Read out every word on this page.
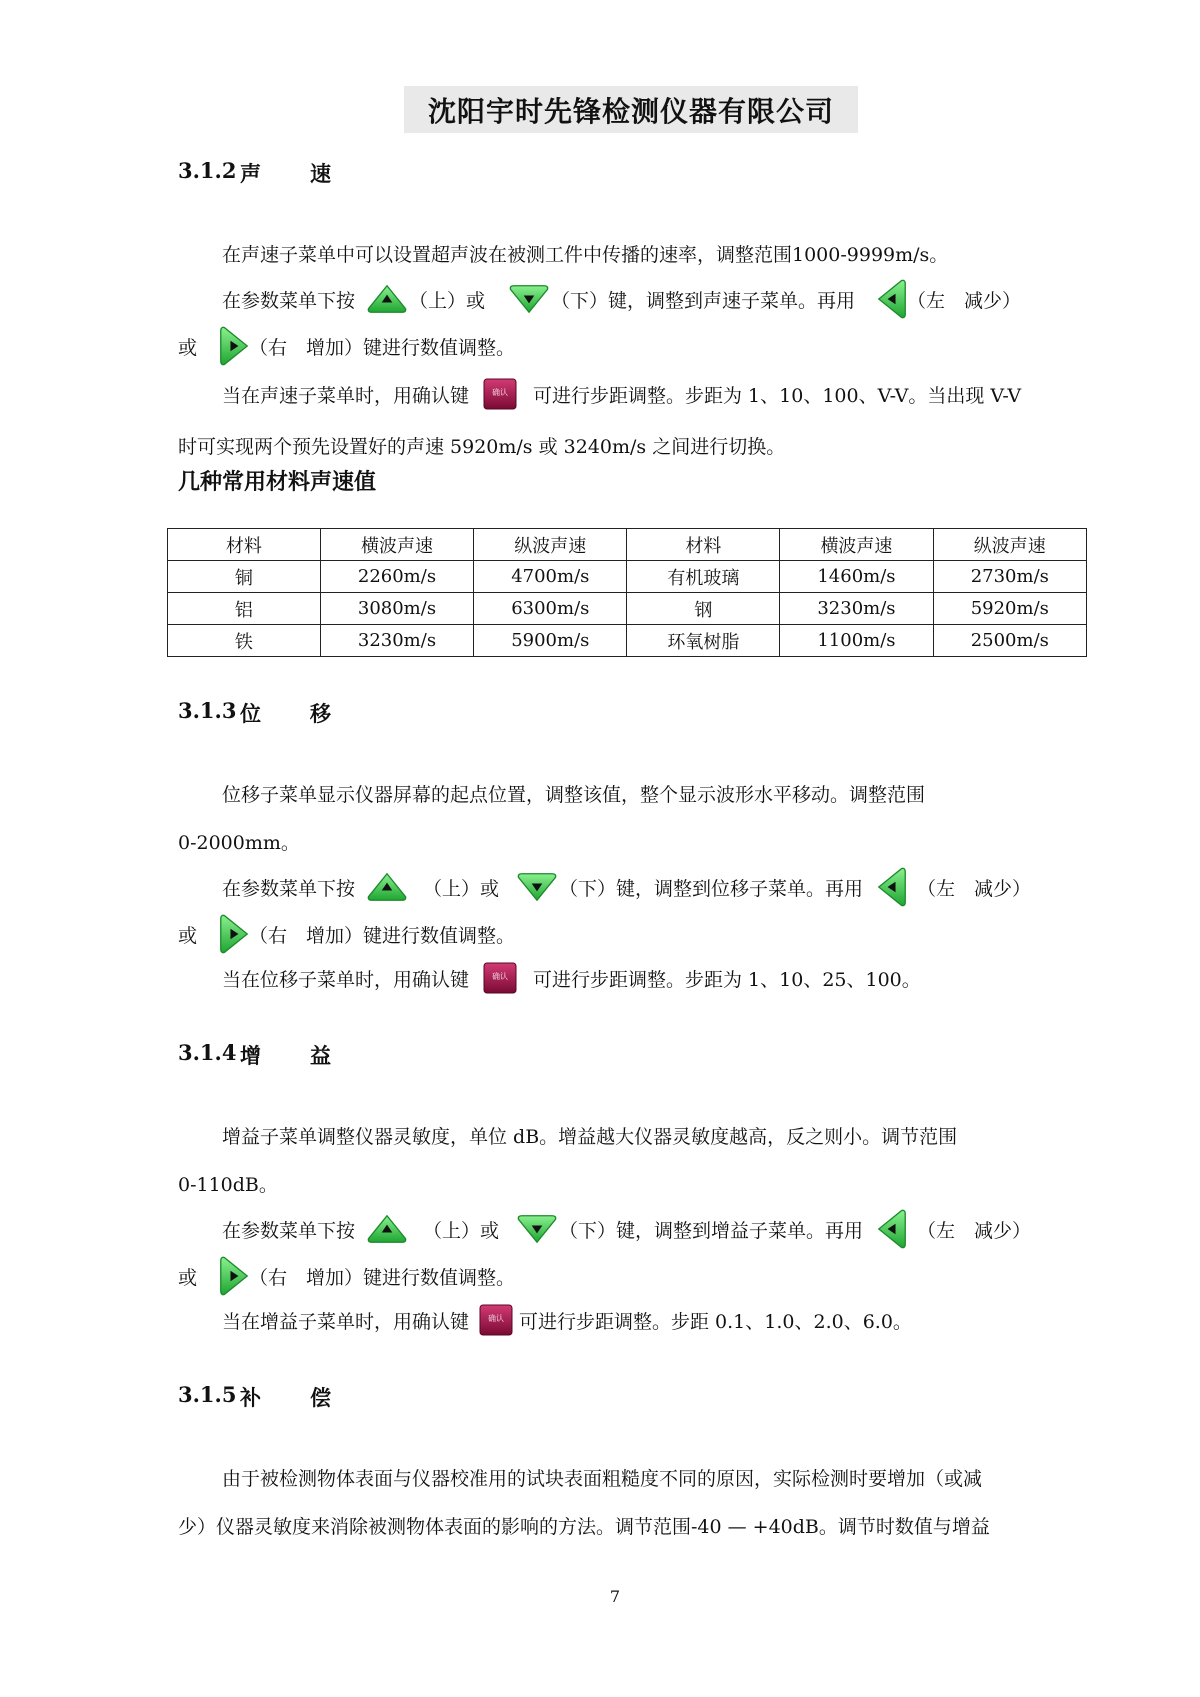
沈阳宇时先锋检测仪器有限公司
3.1.2 声	速
在声速子菜单中可以设置超声波在被测工件中传播的速率，调整范围1000-9999m/s。
在参数菜单下按	（上）或	（下）键，调整到声速子菜单。再用	（左　减少）
或	（右　增加）键进行数值调整。
当在声速子菜单时，用确认键	确认	可进行步距调整。步距为 1、10、100、V-V。当出现 V-V
时可实现两个预先设置好的声速 5920m/s 或 3240m/s 之间进行切换。
几种常用材料声速值
材料	横波声速	纵波声速	材料	横波声速	纵波声速
铜	2260m/s	4700m/s	有机玻璃	1460m/s	2730m/s
铝	3080m/s	6300m/s	钢	3230m/s	5920m/s
铁	3230m/s	5900m/s	环氧树脂	1100m/s	2500m/s
3.1.3 位	移
位移子菜单显示仪器屏幕的起点位置，调整该值，整个显示波形水平移动。调整范围
0-2000mm。
在参数菜单下按	（上）或	（下）键，调整到位移子菜单。再用	（左　减少）
或	（右　增加）键进行数值调整。
当在位移子菜单时，用确认键	确认	可进行步距调整。步距为 1、10、25、100。
3.1.4 增	益
增益子菜单调整仪器灵敏度，单位 dB。增益越大仪器灵敏度越高，反之则小。调节范围
0-110dB。
在参数菜单下按	（上）或	（下）键，调整到增益子菜单。再用	（左　减少）
或	（右　增加）键进行数值调整。
当在增益子菜单时，用确认键	确认 可进行步距调整。步距 0.1、1.0、2.0、6.0。
3.1.5 补	偿
由于被检测物体表面与仪器校准用的试块表面粗糙度不同的原因，实际检测时要增加（或减
少）仪器灵敏度来消除被测物体表面的影响的方法。调节范围-40 — +40dB。调节时数值与增益
7
